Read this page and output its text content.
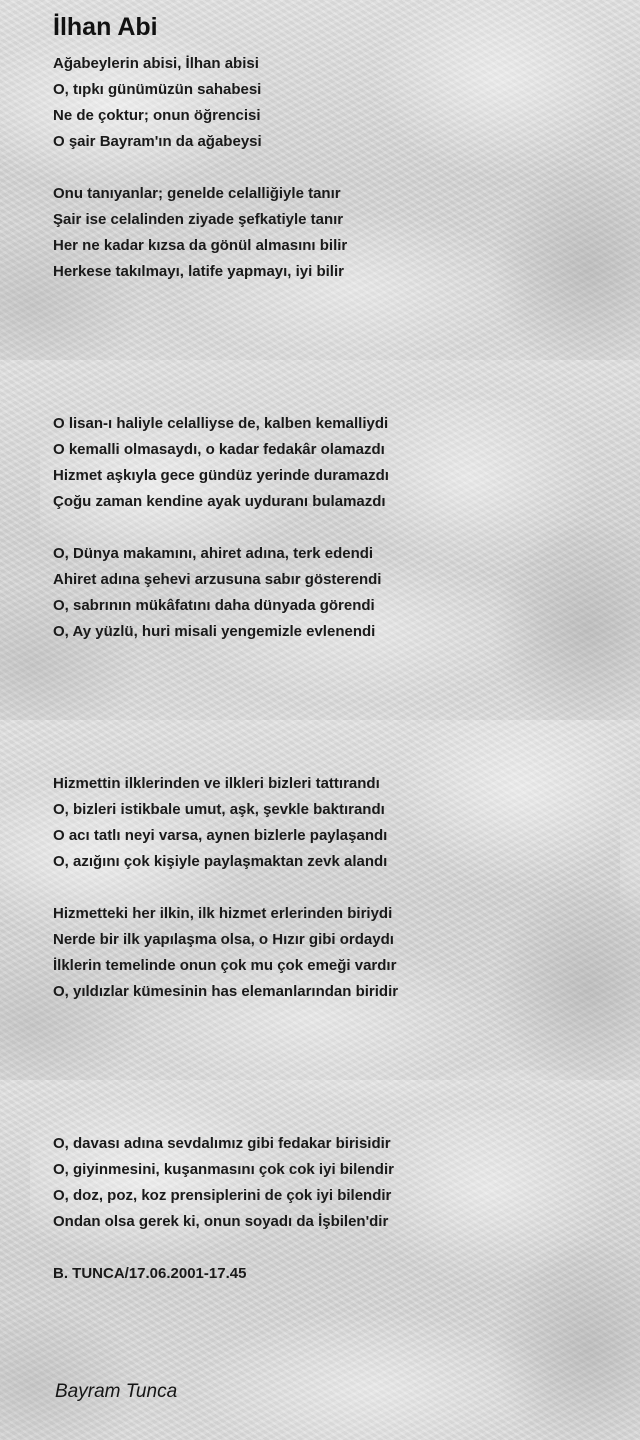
İlhan Abi

Ağabeylerin abisi, İlhan abisi

O, tıpkı günümüzün sahabesi

Ne de çoktur; onun öğrencisi

O şair Bayram'ın da ağabeysi

Onu tanıyanlar; genelde celalliğiyle tanır

Şair ise celalinden ziyade şefkatiyle tanır

Her ne kadar kızsa da gönül almasını bilir

Herkese takılmayı, latife yapmayı, iyi bilir

O lisan-ı haliyle celalliyse de, kalben kemalliydi

O kemalli olmasaydı, o kadar fedakâr olamazdı

Hizmet aşkıyla gece gündüz yerinde duramazdı

Çoğu zaman kendine ayak uyduranı bulamazdı

O, Dünya makamını, ahiret adına, terk edendi

Ahiret adına şehevi arzusuna sabır gösterendi

O, sabrının mükâfatını daha dünyada görendi

O, Ay yüzlü, huri misali yengemizle evlenendi

Hizmettin ilklerinden ve ilkleri bizleri tattırandı

O, bizleri istikbale umut, aşk, şevkle baktırandı

O acı tatlı neyi varsa, aynen bizlerle paylaşandı

O, azığını çok kişiyle paylaşmaktan zevk alandı

Hizmetteki her ilkin, ilk hizmet erlerinden biriydi

Nerde bir ilk yapılaşma olsa, o Hızır gibi ordaydı

İlklerin temelinde onun çok mu çok emeği vardır

O, yıldızlar kümesinin has elemanlarından biridir

O, davası adına sevdalımız gibi fedakar birisidir

O, giyinmesini, kuşanmasını çok cok iyi bilendir

O, doz, poz, koz prensiplerini de çok iyi bilendir

Ondan olsa gerek ki, onun soyadı da İşbilen'dir

B. TUNCA/17.06.2001-17.45

Bayram Tunca
